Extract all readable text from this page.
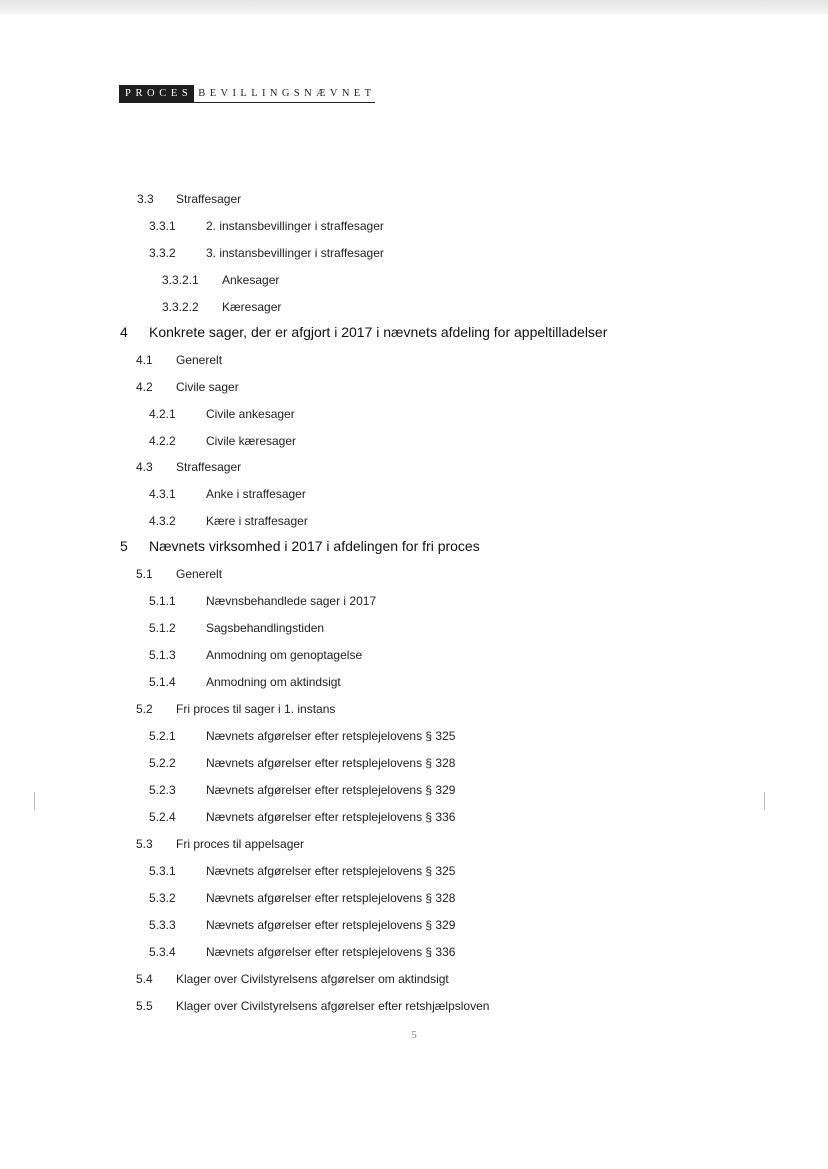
PROCES BEVILLINGSNÆVNET
3.3 Straffesager
3.3.1	2. instansbevillinger i straffesager
3.3.2	3. instansbevillinger i straffesager
3.3.2.1 Ankesager
3.3.2.2 Kæresager
4 Konkrete sager, der er afgjort i 2017 i nævnets afdeling for appeltilladelser
4.1 Generelt
4.2 Civile sager
4.2.1	Civile ankesager
4.2.2	Civile kæresager
4.3 Straffesager
4.3.1	Anke i straffesager
4.3.2	Kære i straffesager
5 Nævnets virksomhed i 2017 i afdelingen for fri proces
5.1 Generelt
5.1.1	Nævnsbehandlede sager i 2017
5.1.2	Sagsbehandlingstiden
5.1.3	Anmodning om genoptagelse
5.1.4	Anmodning om aktindsigt
5.2 Fri proces til sager i 1. instans
5.2.1	Nævnets afgørelser efter retsplejelovens § 325
5.2.2	Nævnets afgørelser efter retsplejelovens § 328
5.2.3	Nævnets afgørelser efter retsplejelovens § 329
5.2.4	Nævnets afgørelser efter retsplejelovens § 336
5.3 Fri proces til appelsager
5.3.1	Nævnets afgørelser efter retsplejelovens § 325
5.3.2	Nævnets afgørelser efter retsplejelovens § 328
5.3.3	Nævnets afgørelser efter retsplejelovens § 329
5.3.4	Nævnets afgørelser efter retsplejelovens § 336
5.4 Klager over Civilstyrelsens afgørelser om aktindsigt
5.5 Klager over Civilstyrelsens afgørelser efter retshjælpsloven
5
